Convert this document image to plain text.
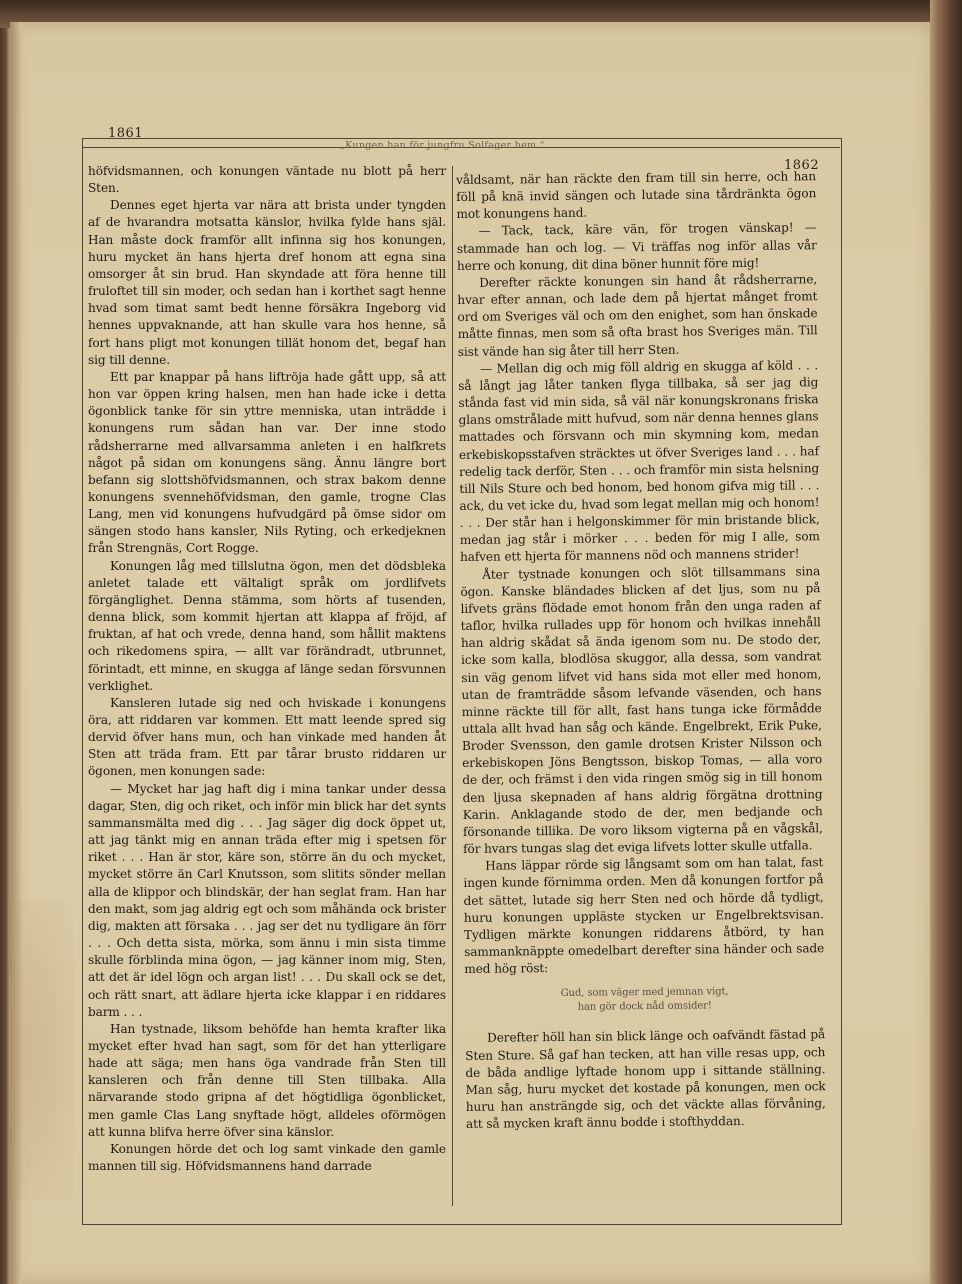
1861
„Kungen han för jungfru Solfager hem.“
1862

höfvidsmannen, och konungen väntade nu blott på herr Sten.

Dennes eget hjerta var nära att brista under tyngden af de hvarandra motsatta känslor, hvilka fylde hans själ. Han måste dock framför allt infinna sig hos konungen, huru mycket än hans hjerta dref honom att egna sina omsorger åt sin brud. Han skyndade att föra henne till fruloftet till sin moder, och sedan han i korthet sagt henne hvad som timat samt bedt henne försäkra Ingeborg vid hennes uppvaknande, att han skulle vara hos henne, så fort hans pligt mot konungen tillät honom det, begaf han sig till denne.

Ett par knappar på hans liftröja hade gått upp, så att hon var öppen kring halsen, men han hade icke i detta ögonblick tanke för sin yttre menniska, utan inträdde i konungens rum sådan han var. Der inne stodo rådsherrarne med allvarsamma anleten i en halfkrets något på sidan om konungens säng. Ännu längre bort befann sig slottshöfvidsmannen, och strax bakom denne konungens svennehöfvidsman, den gamle, trogne Clas Lang, men vid konungens hufvudgärd på ömse sidor om sängen stodo hans kansler, Nils Ryting, och erkedjeknen från Strengnäs, Cort Rogge.

Konungen låg med tillslutna ögon, men det dödsbleka anletet talade ett vältaligt språk om jordlifvets förgänglighet. Denna stämma, som hörts af tusenden, denna blick, som kommit hjertan att klappa af fröjd, af fruktan, af hat och vrede, denna hand, som hållit maktens och rikedomens spira, — allt var förändradt, utbrunnet, förintadt, ett minne, en skugga af länge sedan försvunnen verklighet.

Kansleren lutade sig ned och hviskade i konungens öra, att riddaren var kommen. Ett matt leende spred sig dervid öfver hans mun, och han vinkade med handen åt Sten att träda fram. Ett par tårar brusto riddaren ur ögonen, men konungen sade:

— Mycket har jag haft dig i mina tankar under dessa dagar, Sten, dig och riket, och inför min blick har det synts sammansmälta med dig . . . Jag säger dig dock öppet ut, att jag tänkt mig en annan träda efter mig i spetsen för riket . . . Han är stor, käre son, större än du och mycket, mycket större än Carl Knutsson, som slitits sönder mellan alla de klippor och blindskär, der han seglat fram. Han har den makt, som jag aldrig egt och som måhända ock brister dig, makten att försaka . . . jag ser det nu tydligare än förr . . . Och detta sista, mörka, som ännu i min sista timme skulle förblinda mina ögon, — jag känner inom mig, Sten, att det är idel lögn och argan list! . . . Du skall ock se det, och rätt snart, att ädlare hjerta icke klappar i en riddares barm . . .

Han tystnade, liksom behöfde han hemta krafter lika mycket efter hvad han sagt, som för det han ytterligare hade att säga; men hans öga vandrade från Sten till kansleren och från denne till Sten tillbaka. Alla närvarande stodo gripna af det högtidliga ögonblicket, men gamle Clas Lang snyftade högt, alldeles oförmögen att kunna blifva herre öfver sina känslor.

Konungen hörde det och log samt vinkade den gamle mannen till sig. Höfvidsmannens hand darrade

våldsamt, när han räckte den fram till sin herre, och han föll på knä invid sängen och lutade sina tårdränkta ögon mot konungens hand.

— Tack, tack, käre vän, för trogen vänskap! — stammade han och log. — Vi träffas nog inför allas vår herre och konung, dit dina böner hunnit före mig!

Derefter räckte konungen sin hand åt rådsherrarne, hvar efter annan, och lade dem på hjertat månget fromt ord om Sveriges väl och om den enighet, som han önskade måtte finnas, men som så ofta brast hos Sveriges män. Till sist vände han sig åter till herr Sten.

— Mellan dig och mig föll aldrig en skugga af köld . . . så långt jag låter tanken flyga tillbaka, så ser jag dig stånda fast vid min sida, så väl när konungskronans friska glans omstrålade mitt hufvud, som när denna hennes glans mattades och försvann och min skymning kom, medan erkebiskopsstafven sträcktes ut öfver Sveriges land . . . haf redelig tack derför, Sten . . . och framför min sista helsning till Nils Sture och bed honom, bed honom gifva mig till . . . ack, du vet icke du, hvad som legat mellan mig och honom! . . . Der står han i helgonskimmer för min bristande blick, medan jag står i mörker . . . beden för mig I alle, som hafven ett hjerta för mannens nöd och mannens strider!

Åter tystnade konungen och slöt tillsammans sina ögon. Kanske bländades blicken af det ljus, som nu på lifvets gräns flödade emot honom från den unga raden af taflor, hvilka rullades upp för honom och hvilkas innehåll han aldrig skådat så ända igenom som nu. De stodo der, icke som kalla, blodlösa skuggor, alla dessa, som vandrat sin väg genom lifvet vid hans sida mot eller med honom, utan de framträdde såsom lefvande väsenden, och hans minne räckte till för allt, fast hans tunga icke förmådde uttala allt hvad han såg och kände. Engelbrekt, Erik Puke, Broder Svensson, den gamle drotsen Krister Nilsson och erkebiskopen Jöns Bengtsson, biskop Tomas, — alla voro de der, och främst i den vida ringen smög sig in till honom den ljusa skepnaden af hans aldrig förgätna drottning Karin. Anklagande stodo de der, men bedjande och försonande tillika. De voro liksom vigterna på en vågskål, för hvars tungas slag det eviga lifvets lotter skulle utfalla.

Hans läppar rörde sig långsamt som om han talat, fast ingen kunde förnimma orden. Men då konungen fortfor på det sättet, lutade sig herr Sten ned och hörde då tydligt, huru konungen uppläste stycken ur Engelbrektsvisan. Tydligen märkte konungen riddarens åtbörd, ty han sammanknäppte omedelbart derefter sina händer och sade med hög röst:

Gud, som väger med jemnan vigt,
han gör dock nåd omsider!

Derefter höll han sin blick länge och oafvändt fästad på Sten Sture. Så gaf han tecken, att han ville resas upp, och de båda andlige lyftade honom upp i sittande ställning. Man såg, huru mycket det kostade på konungen, men ock huru han ansträngde sig, och det väckte allas förvåning, att så mycken kraft ännu bodde i stofthyddan.
